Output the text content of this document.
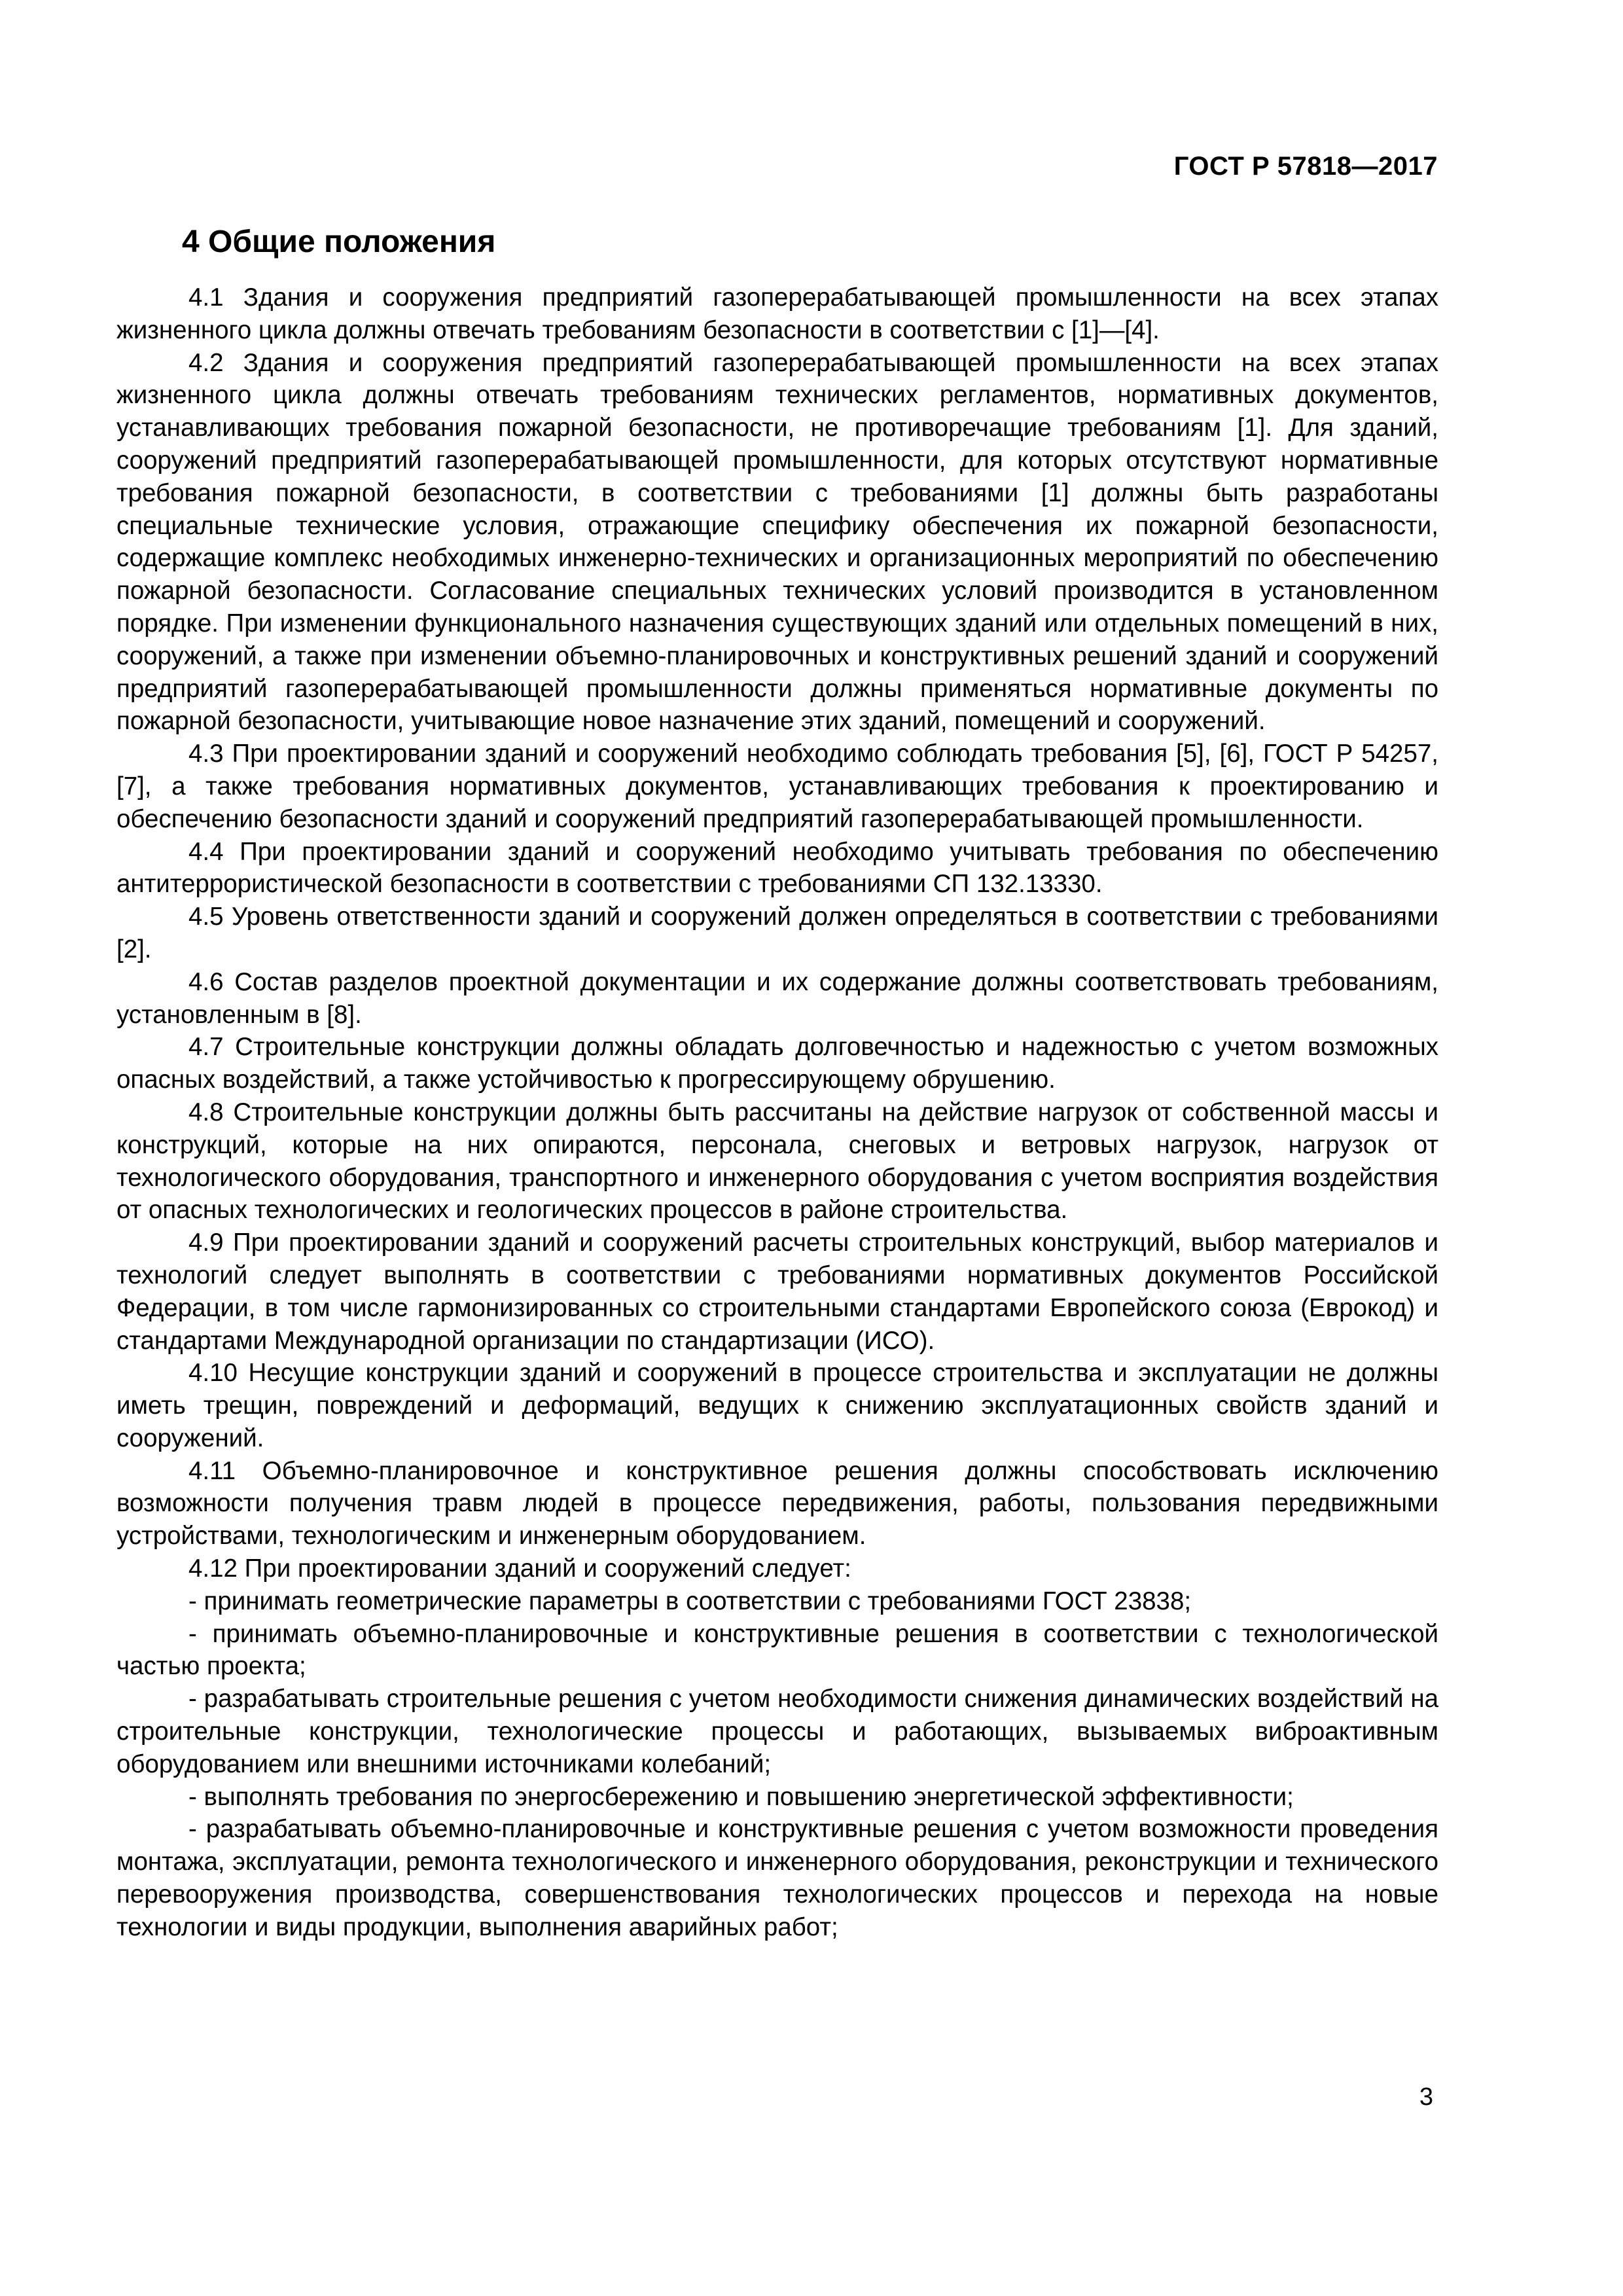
ГОСТ Р 57818—2017
4 Общие положения

4.1 Здания и сооружения предприятий газоперерабатывающей промышленности на всех этапах жизненного цикла должны отвечать требованиям безопасности в соответствии с [1]—[4].

4.2 Здания и сооружения предприятий газоперерабатывающей промышленности на всех этапах жизненного цикла должны отвечать требованиям технических регламентов, нормативных документов, устанавливающих требования пожарной безопасности, не противоречащие требованиям [1]. Для зданий, сооружений предприятий газоперерабатывающей промышленности, для которых отсутствуют нормативные требования пожарной безопасности, в соответствии с требованиями [1] должны быть разработаны специальные технические условия, отражающие специфику обеспечения их пожарной безопасности, содержащие комплекс необходимых инженерно-технических и организационных мероприятий по обеспечению пожарной безопасности. Согласование специальных технических условий производится в установленном порядке. При изменении функционального назначения существующих зданий или отдельных помещений в них, сооружений, а также при изменении объемно-планировочных и конструктивных решений зданий и сооружений предприятий газоперерабатывающей промышленности должны применяться нормативные документы по пожарной безопасности, учитывающие новое назначение этих зданий, помещений и сооружений.

4.3 При проектировании зданий и сооружений необходимо соблюдать требования [5], [6], ГОСТ Р 54257, [7], а также требования нормативных документов, устанавливающих требования к проектированию и обеспечению безопасности зданий и сооружений предприятий газоперерабатывающей промышленности.

4.4 При проектировании зданий и сооружений необходимо учитывать требования по обеспечению антитеррористической безопасности в соответствии с требованиями СП 132.13330.

4.5 Уровень ответственности зданий и сооружений должен определяться в соответствии с требованиями [2].

4.6 Состав разделов проектной документации и их содержание должны соответствовать требованиям, установленным в [8].

4.7 Строительные конструкции должны обладать долговечностью и надежностью с учетом возможных опасных воздействий, а также устойчивостью к прогрессирующему обрушению.

4.8 Строительные конструкции должны быть рассчитаны на действие нагрузок от собственной массы и конструкций, которые на них опираются, персонала, снеговых и ветровых нагрузок, нагрузок от технологического оборудования, транспортного и инженерного оборудования с учетом восприятия воздействия от опасных технологических и геологических процессов в районе строительства.

4.9 При проектировании зданий и сооружений расчеты строительных конструкций, выбор материалов и технологий следует выполнять в соответствии с требованиями нормативных документов Российской Федерации, в том числе гармонизированных со строительными стандартами Европейского союза (Еврокод) и стандартами Международной организации по стандартизации (ИСО).

4.10 Несущие конструкции зданий и сооружений в процессе строительства и эксплуатации не должны иметь трещин, повреждений и деформаций, ведущих к снижению эксплуатационных свойств зданий и сооружений.

4.11 Объемно-планировочное и конструктивное решения должны способствовать исключению возможности получения травм людей в процессе передвижения, работы, пользования передвижными устройствами, технологическим и инженерным оборудованием.

4.12 При проектировании зданий и сооружений следует:

- принимать геометрические параметры в соответствии с требованиями ГОСТ 23838;

- принимать объемно-планировочные и конструктивные решения в соответствии с технологической частью проекта;

- разрабатывать строительные решения с учетом необходимости снижения динамических воздействий на строительные конструкции, технологические процессы и работающих, вызываемых виброактивным оборудованием или внешними источниками колебаний;

- выполнять требования по энергосбережению и повышению энергетической эффективности;

- разрабатывать объемно-планировочные и конструктивные решения с учетом возможности проведения монтажа, эксплуатации, ремонта технологического и инженерного оборудования, реконструкции и технического перевооружения производства, совершенствования технологических процессов и перехода на новые технологии и виды продукции, выполнения аварийных работ;

3
